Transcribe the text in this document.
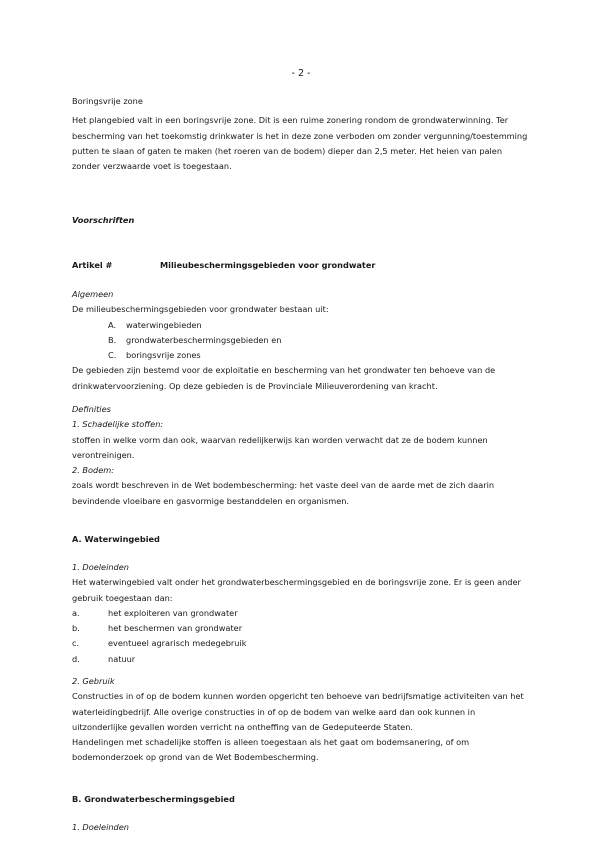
- 2 -

Boringsvrije zone

Het plangebied valt in een boringsvrije zone. Dit is een ruime zonering rondom de grondwaterwinning. Ter

bescherming van het toekomstig drinkwater is het in deze zone verboden om zonder vergunning/toestemming

putten te slaan of gaten te maken (het roeren van de bodem) dieper dan 2,5 meter. Het heien van palen

zonder verzwaarde voet is toegestaan.

Voorschriften
Artikel #	Milieubeschermingsgebieden voor grondwater

Algemeen

De milieubeschermingsgebieden voor grondwater bestaan uit:

A.	waterwingebieden
B.	grondwaterbeschermingsgebieden en
C.	boringsvrije zones

De gebieden zijn bestemd voor de exploitatie en bescherming van het grondwater ten behoeve van de

drinkwatervoorziening. Op deze gebieden is de Provinciale Milieuverordening van kracht.

Definities

1. Schadelijke stoffen:

stoffen in welke vorm dan ook, waarvan redelijkerwijs kan worden verwacht dat ze de bodem kunnen

verontreinigen.

2. Bodem:

zoals wordt beschreven in de Wet bodembescherming: het vaste deel van de aarde met de zich daarin

bevindende vloeibare en gasvormige bestanddelen en organismen.

A. Waterwingebied

1. Doeleinden

Het waterwingebied valt onder het grondwaterbeschermingsgebied en de boringsvrije zone. Er is geen ander

gebruik toegestaan dan:

a.	het exploiteren van grondwater
b.	het beschermen van grondwater
c.	eventueel agrarisch medegebruik
d.	natuur

2. Gebruik

Constructies in of op de bodem kunnen worden opgericht ten behoeve van bedrijfsmatige activiteiten van het

waterleidingbedrijf. Alle overige constructies in of op de bodem van welke aard dan ook kunnen in

uitzonderlijke gevallen worden verricht na ontheffing van de Gedeputeerde Staten.

Handelingen met schadelijke stoffen is alleen toegestaan als het gaat om bodemsanering, of om

bodemonderzoek op grond van de Wet Bodembescherming.

B. Grondwaterbeschermingsgebied
1. Doeleinden
